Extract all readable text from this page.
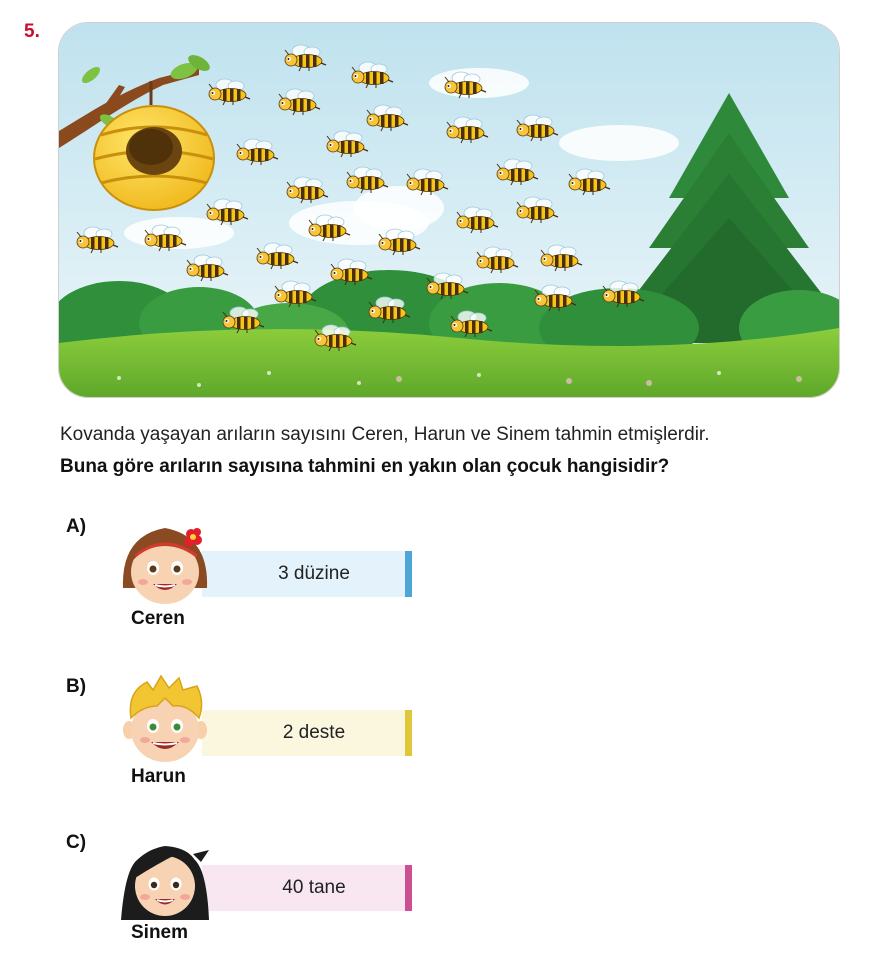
5.
Kovanda yaşayan arıların sayısını Ceren, Harun ve Sinem tahmin etmişlerdir.
Buna göre arıların sayısına tahmini en yakın olan çocuk hangisidir?
A)
3 düzine
Ceren
B)
2 deste
Harun
C)
40 tane
Sinem
